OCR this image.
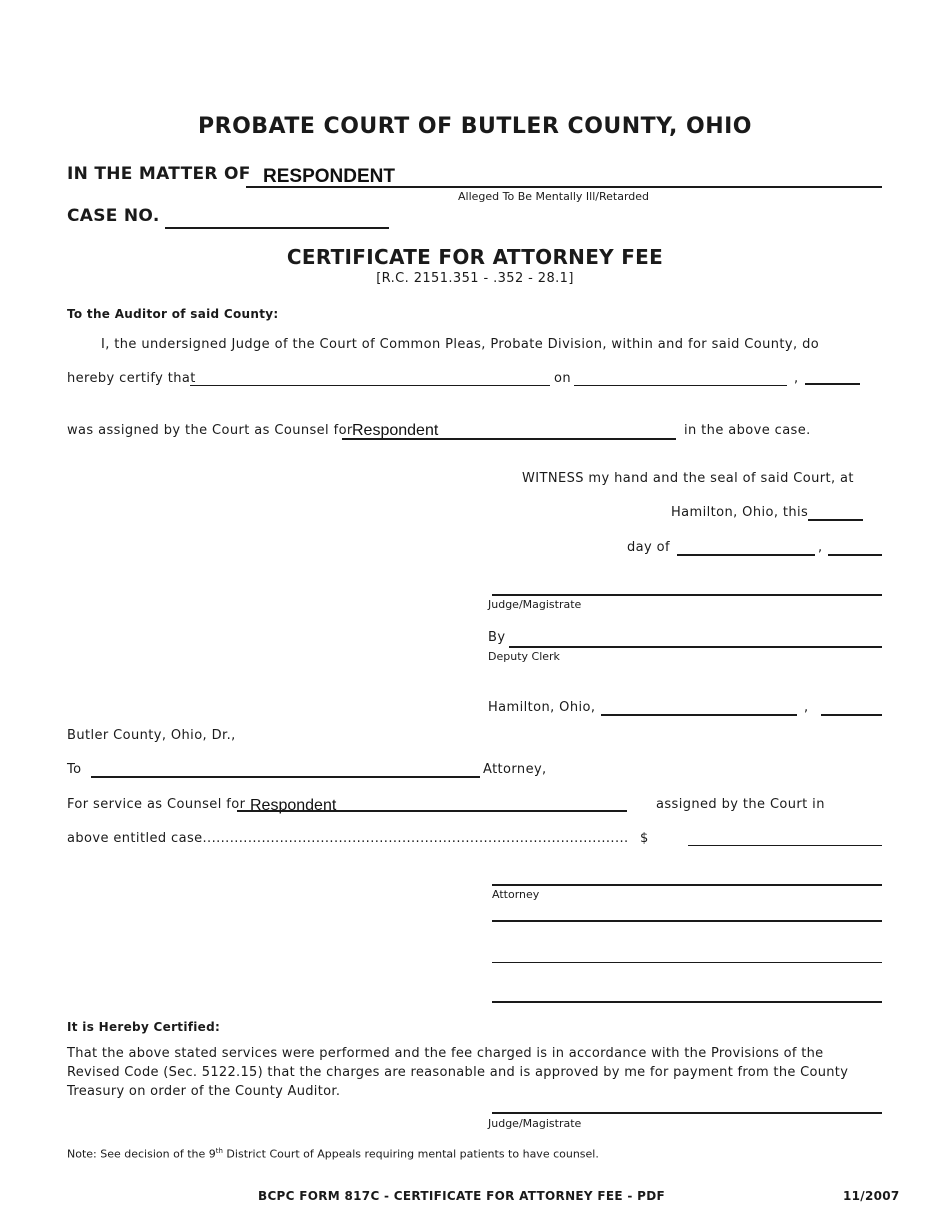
PROBATE COURT OF BUTLER COUNTY, OHIO
IN THE MATTER OF RESPONDENT
Alleged To Be Mentally Ill/Retarded
CASE NO.
CERTIFICATE FOR ATTORNEY FEE
[R.C. 2151.351 - .352 - 28.1]
To the Auditor of said County:
I, the undersigned Judge of the Court of Common Pleas, Probate Division, within and for said County, do
hereby certify that	on	,
was assigned by the Court as Counsel for Respondent	in the above case.
WITNESS my hand and the seal of said Court, at
Hamilton, Ohio, this
day of	,
Judge/Magistrate
By
Deputy Clerk
Hamilton, Ohio,	,
Butler County, Ohio, Dr.,
To	Attorney,
For service as Counsel for Respondent	assigned by the Court in
above entitled case.............................................................................................. $
Attorney
It is Hereby Certified:
That the above stated services were performed and the fee charged is in accordance with the Provisions of the Revised Code (Sec. 5122.15) that the charges are reasonable and is approved by me for payment from the County Treasury on order of the County Auditor.
Judge/Magistrate
Note: See decision of the 9th District Court of Appeals requiring mental patients to have counsel.
BCPC FORM 817C - CERTIFICATE FOR ATTORNEY FEE - PDF	11/2007
